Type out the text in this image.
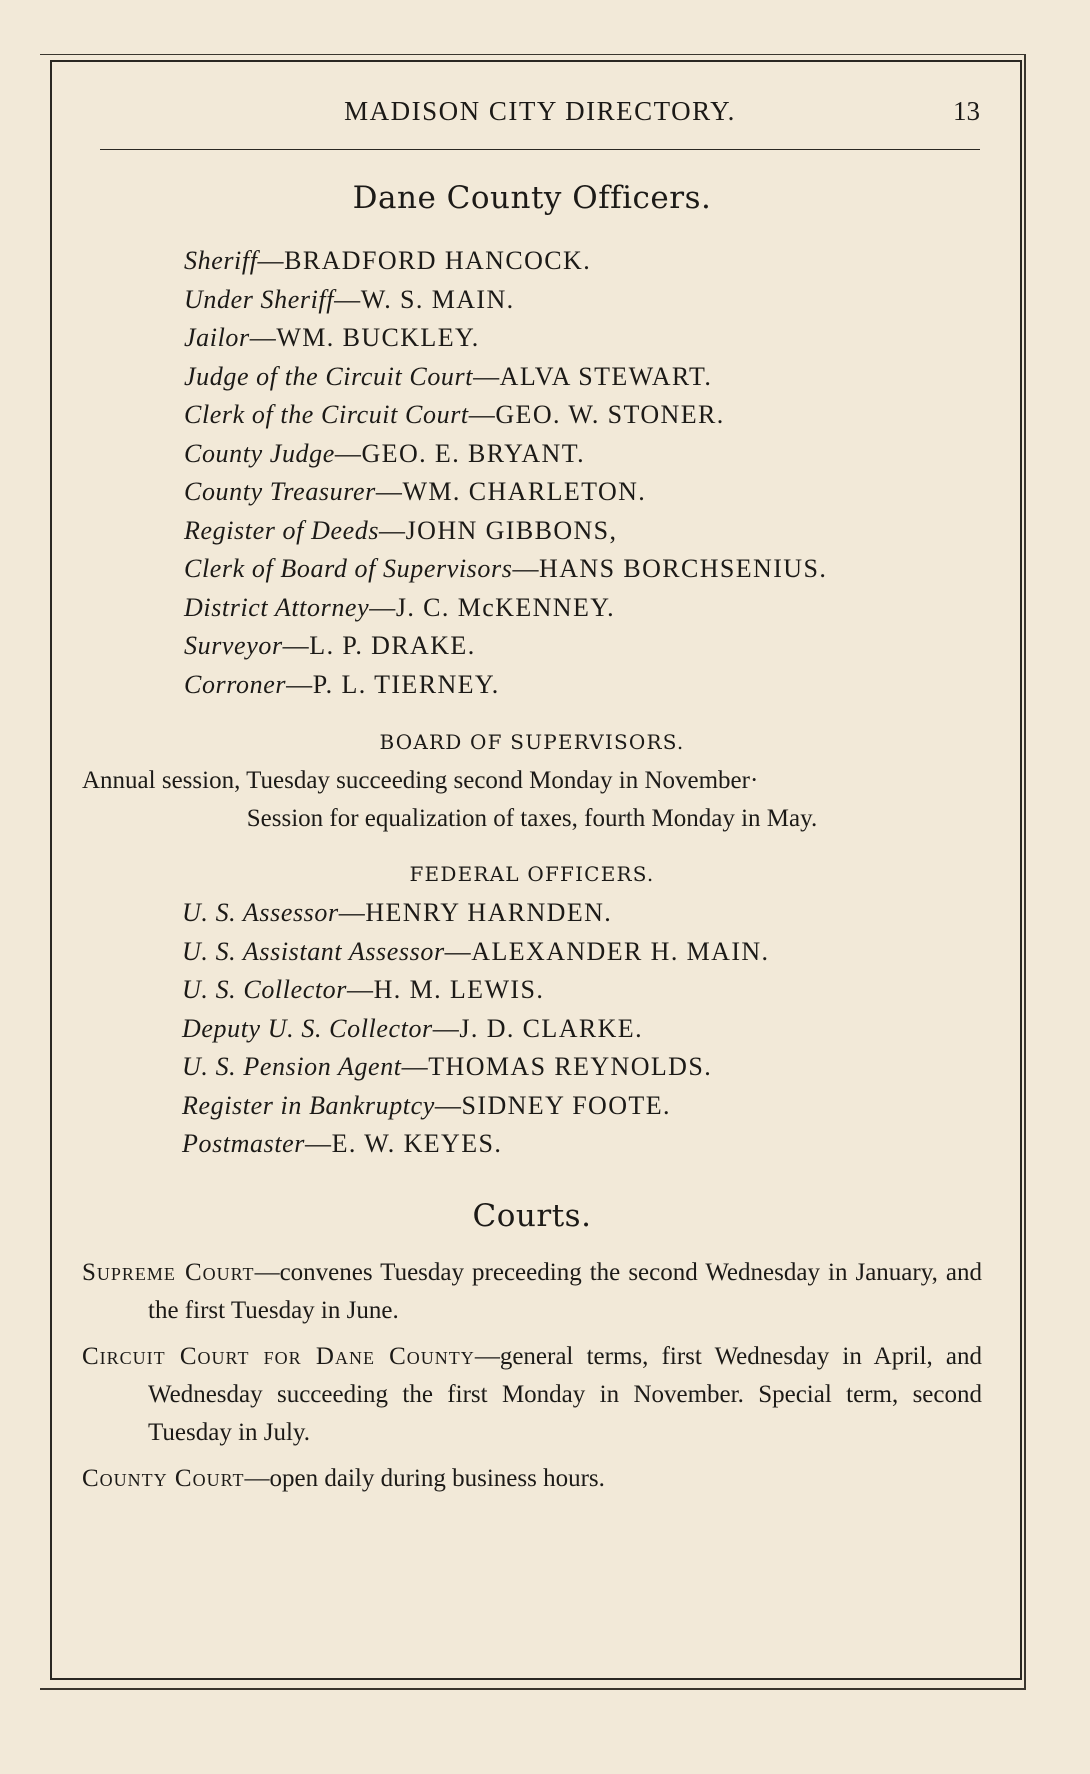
MADISON CITY DIRECTORY.	13
Dane County Officers.
Sheriff—BRADFORD HANCOCK.
Under Sheriff—W. S. MAIN.
Jailor—WM. BUCKLEY.
Judge of the Circuit Court—ALVA STEWART.
Clerk of the Circuit Court—GEO. W. STONER.
County Judge—GEO. E. BRYANT.
County Treasurer—WM. CHARLETON.
Register of Deeds—JOHN GIBBONS,
Clerk of Board of Supervisors—HANS BORCHSENIUS.
District Attorney—J. C. McKENNEY.
Surveyor—L. P. DRAKE.
Corroner—P. L. TIERNEY.
BOARD OF SUPERVISORS.

Annual session, Tuesday succeeding second Monday in November·

Session for equalization of taxes, fourth Monday in May.

FEDERAL OFFICERS.
U. S. Assessor—HENRY HARNDEN.
U. S. Assistant Assessor—ALEXANDER H. MAIN.
U. S. Collector—H. M. LEWIS.
Deputy U. S. Collector—J. D. CLARKE.
U. S. Pension Agent—THOMAS REYNOLDS.
Register in Bankruptcy—SIDNEY FOOTE.
Postmaster—E. W. KEYES.
Courts.

Supreme Court—convenes Tuesday preceeding the second Wednesday in January, and the first Tuesday in June.

Circuit Court for Dane County—general terms, first Wednesday in April, and Wednesday succeeding the first Monday in November. Special term, second Tuesday in July.

County Court—open daily during business hours.
